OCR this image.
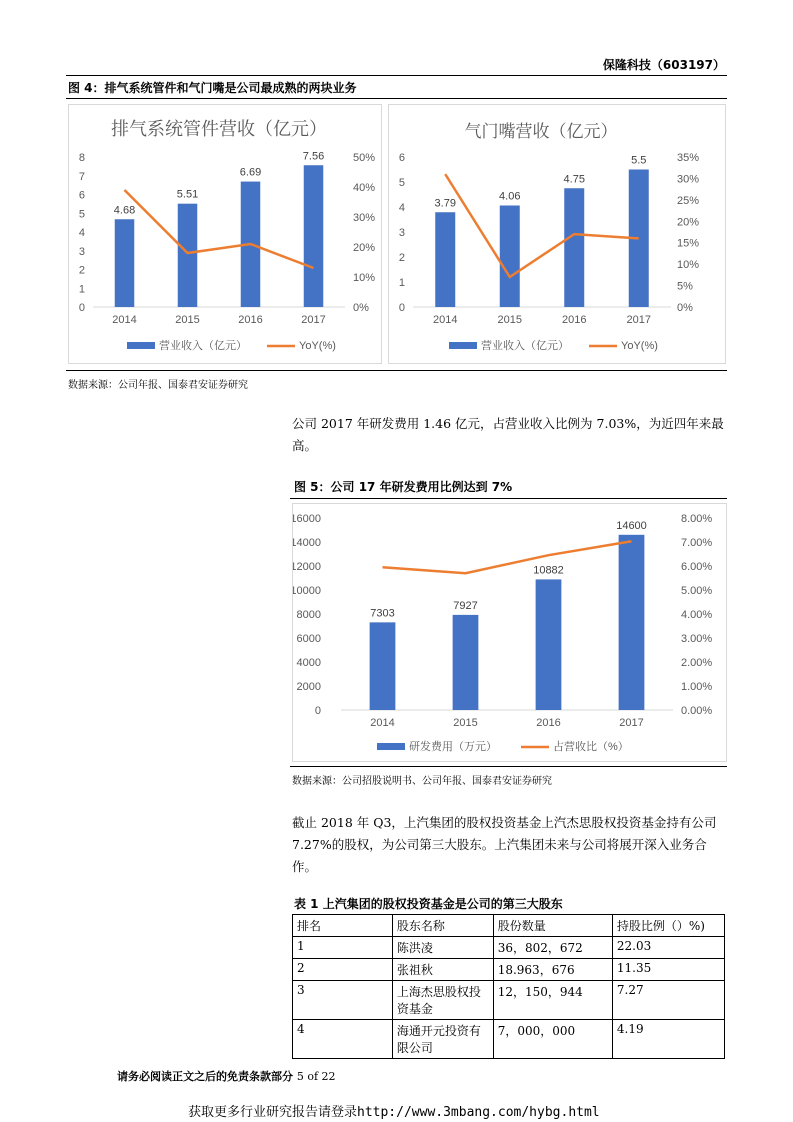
保隆科技（603197）
图 4：排气系统管件和气门嘴是公司最成熟的两块业务
排气系统管件营收（亿元）
0
1
2
3
4
5
6
7
8
0%
10%
20%
30%
40%
50%
4.68
2014
5.51
2015
6.69
2016
7.56
2017
营业收入（亿元）	YoY(%)
气门嘴营收（亿元）
0
1
2
3
4
5
6
0%
5%
10%
15%
20%
25%
30%
35%
3.79
2014
4.06
2015
4.75
2016
5.5
2017
营业收入（亿元）	YoY(%)
数据来源：公司年报、国泰君安证券研究
公司 2017 年研发费用 1.46 亿元，占营业收入比例为 7.03%，为近四年来最高。
图 5：公司 17 年研发费用比例达到 7%
0
2000
4000
6000
8000
10000
12000
14000
16000
0.00%
1.00%
2.00%
3.00%
4.00%
5.00%
6.00%
7.00%
8.00%
7303
2014
7927
2015
10882
2016
14600
2017
研发费用（万元）	占营收比（%）
数据来源：公司招股说明书、公司年报、国泰君安证券研究
截止 2018 年 Q3，上汽集团的股权投资基金上汽杰思股权投资基金持有公司 7.27%的股权，为公司第三大股东。上汽集团未来与公司将展开深入业务合作。
表 1 上汽集团的股权投资基金是公司的第三大股东
排名	股东名称	股份数量	持股比例（）%)
1	陈洪凌	36，802，672	22.03
2	张祖秋	18.963，676	11.35
3	上海杰思股权投资基金	12，150，944	7.27
4	海通开元投资有限公司	7，000，000	4.19
请务必阅读正文之后的免责条款部分 5 of 22
获取更多行业研究报告请登录http://www.3mbang.com/hybg.html
